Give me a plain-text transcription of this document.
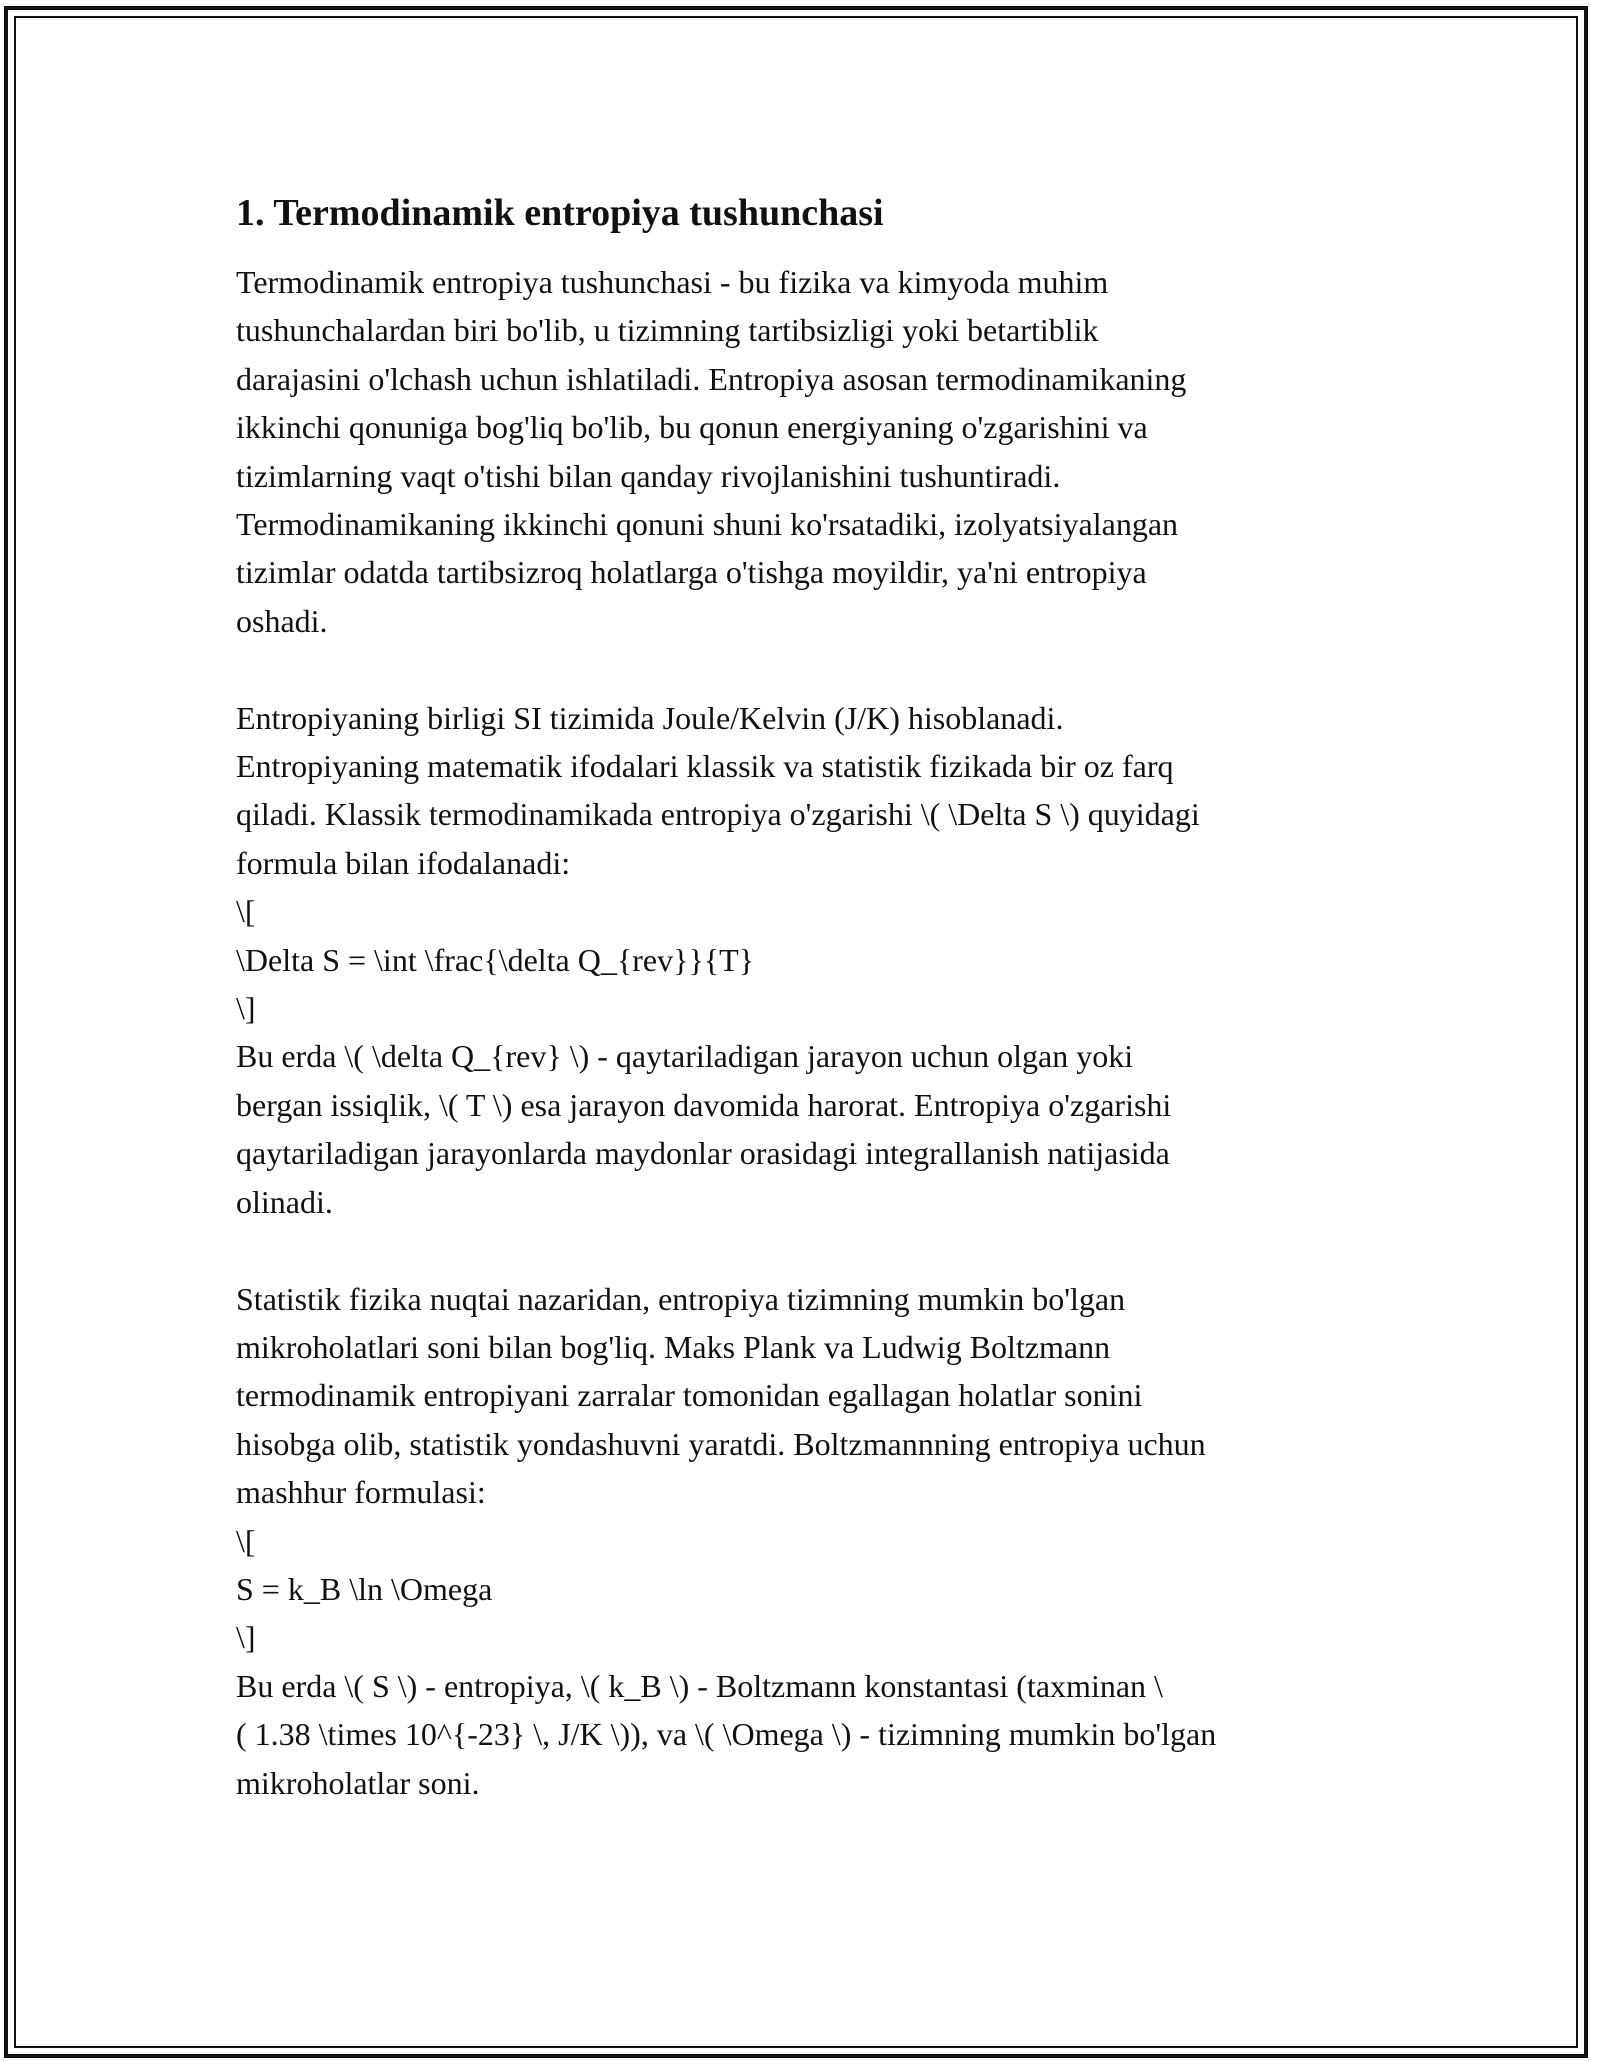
1. Termodinamik entropiya tushunchasi
Termodinamik entropiya tushunchasi - bu fizika va kimyoda muhim
tushunchalardan biri bo'lib, u tizimning tartibsizligi yoki betartiblik
darajasini o'lchash uchun ishlatiladi. Entropiya asosan termodinamikaning
ikkinchi qonuniga bog'liq bo'lib, bu qonun energiyaning o'zgarishini va
tizimlarning vaqt o'tishi bilan qanday rivojlanishini tushuntiradi.
Termodinamikaning ikkinchi qonuni shuni ko'rsatadiki, izolyatsiyalangan
tizimlar odatda tartibsizroq holatlarga o'tishga moyildir, ya'ni entropiya
oshadi.
Entropiyaning birligi SI tizimida Joule/Kelvin (J/K) hisoblanadi.
Entropiyaning matematik ifodalari klassik va statistik fizikada bir oz farq
qiladi. Klassik termodinamikada entropiya o'zgarishi \( \Delta S \) quyidagi
formula bilan ifodalanadi:
\[
\Delta S = \int \frac{\delta Q_{rev}}{T}
\]
Bu erda \( \delta Q_{rev} \) - qaytariladigan jarayon uchun olgan yoki
bergan issiqlik, \( T \) esa jarayon davomida harorat. Entropiya o'zgarishi
qaytariladigan jarayonlarda maydonlar orasidagi integrallanish natijasida
olinadi.
Statistik fizika nuqtai nazaridan, entropiya tizimning mumkin bo'lgan
mikroholatlari soni bilan bog'liq. Maks Plank va Ludwig Boltzmann
termodinamik entropiyani zarralar tomonidan egallagan holatlar sonini
hisobga olib, statistik yondashuvni yaratdi. Boltzmannning entropiya uchun
mashhur formulasi:
\[
S = k_B \ln \Omega
\]
Bu erda \( S \) - entropiya, \( k_B \) - Boltzmann konstantasi (taxminan \
( 1.38 \times 10^{-23} \, J/K \)), va \( \Omega \) - tizimning mumkin bo'lgan
mikroholatlar soni.
